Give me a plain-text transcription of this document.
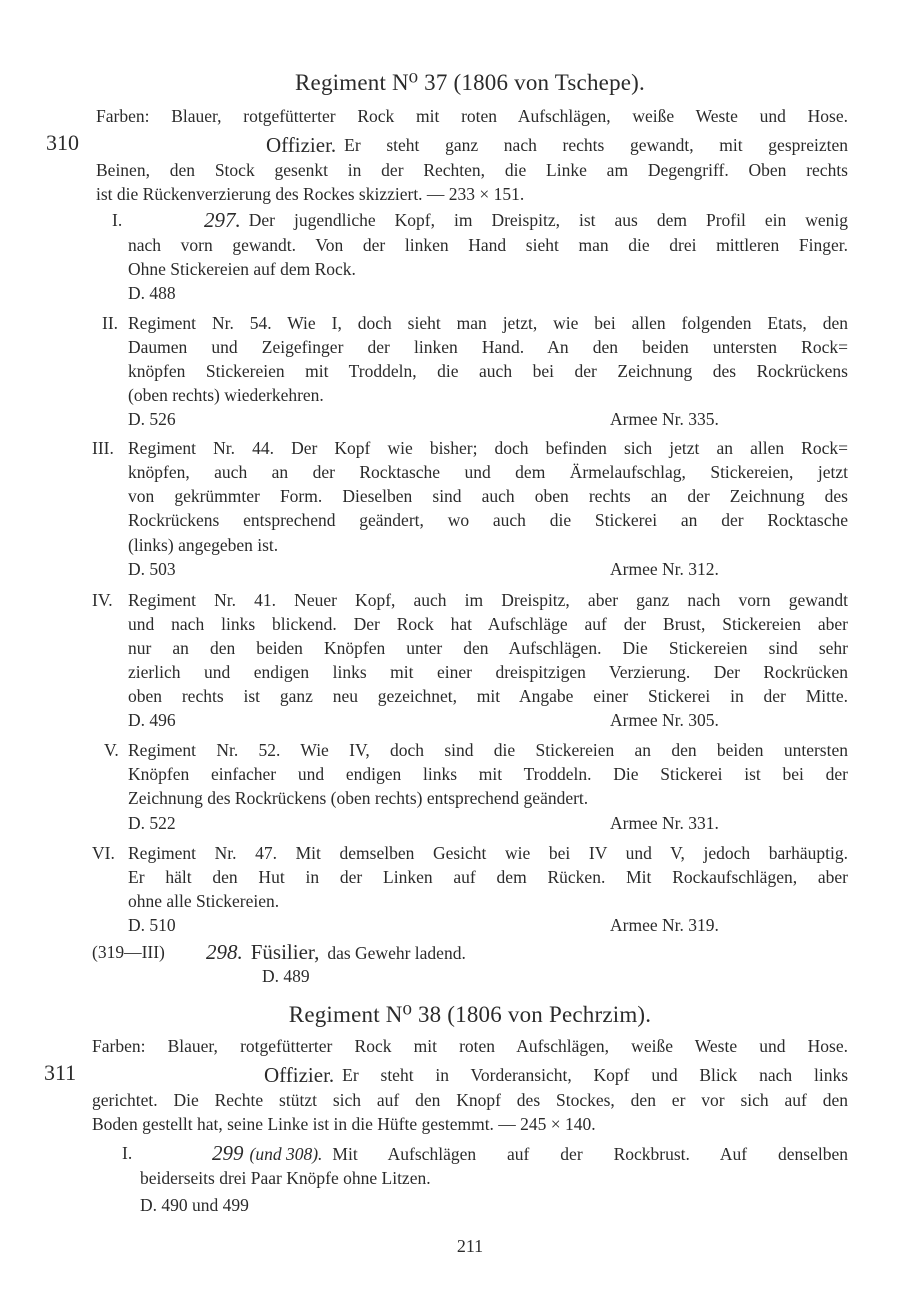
Regiment N⁰ 37 (1806 von Tschepe).
Farben: Blauer, rotgefütterter Rock mit roten Aufschlägen, weiße Weste und Hose.
310	Offizier. Er steht ganz nach rechts gewandt, mit gespreizten
Beinen, den Stock gesenkt in der Rechten, die Linke am Degengriff. Oben rechts
ist die Rückenverzierung des Rockes skizziert. — 233 × 151.
I.	297. Der jugendliche Kopf, im Dreispitz, ist aus dem Profil ein wenig
nach vorn gewandt. Von der linken Hand sieht man die drei mittleren Finger.
Ohne Stickereien auf dem Rock.
D. 488
II. Regiment Nr. 54. Wie I, doch sieht man jetzt, wie bei allen folgenden Etats, den
Daumen und Zeigefinger der linken Hand. An den beiden untersten Rock=
knöpfen Stickereien mit Troddeln, die auch bei der Zeichnung des Rockrückens
(oben rechts) wiederkehren.
D. 526	Armee Nr. 335.
III. Regiment Nr. 44. Der Kopf wie bisher; doch befinden sich jetzt an allen Rock=
knöpfen, auch an der Rocktasche und dem Ärmelaufschlag, Stickereien, jetzt
von gekrümmter Form. Dieselben sind auch oben rechts an der Zeichnung des
Rockrückens entsprechend geändert, wo auch die Stickerei an der Rocktasche
(links) angegeben ist.
D. 503	Armee Nr. 312.
IV. Regiment Nr. 41. Neuer Kopf, auch im Dreispitz, aber ganz nach vorn gewandt
und nach links blickend. Der Rock hat Aufschläge auf der Brust, Stickereien aber
nur an den beiden Knöpfen unter den Aufschlägen. Die Stickereien sind sehr
zierlich und endigen links mit einer dreispitzigen Verzierung. Der Rockrücken
oben rechts ist ganz neu gezeichnet, mit Angabe einer Stickerei in der Mitte.
D. 496	Armee Nr. 305.
V. Regiment Nr. 52. Wie IV, doch sind die Stickereien an den beiden untersten
Knöpfen einfacher und endigen links mit Troddeln. Die Stickerei ist bei der
Zeichnung des Rockrückens (oben rechts) entsprechend geändert.
D. 522	Armee Nr. 331.
VI. Regiment Nr. 47. Mit demselben Gesicht wie bei IV und V, jedoch barhäuptig.
Er hält den Hut in der Linken auf dem Rücken. Mit Rockaufschlägen, aber
ohne alle Stickereien.
D. 510	Armee Nr. 319.
(319—III) 298. Füsilier, das Gewehr ladend.
D. 489
Regiment N⁰ 38 (1806 von Pechrzim).
Farben: Blauer, rotgefütterter Rock mit roten Aufschlägen, weiße Weste und Hose.
311	Offizier. Er steht in Vorderansicht, Kopf und Blick nach links
gerichtet. Die Rechte stützt sich auf den Knopf des Stockes, den er vor sich auf den
Boden gestellt hat, seine Linke ist in die Hüfte gestemmt. — 245 × 140.
I.	299 (und 308). Mit Aufschlägen auf der Rockbrust. Auf denselben
beiderseits drei Paar Knöpfe ohne Litzen.
D. 490 und 499
211
